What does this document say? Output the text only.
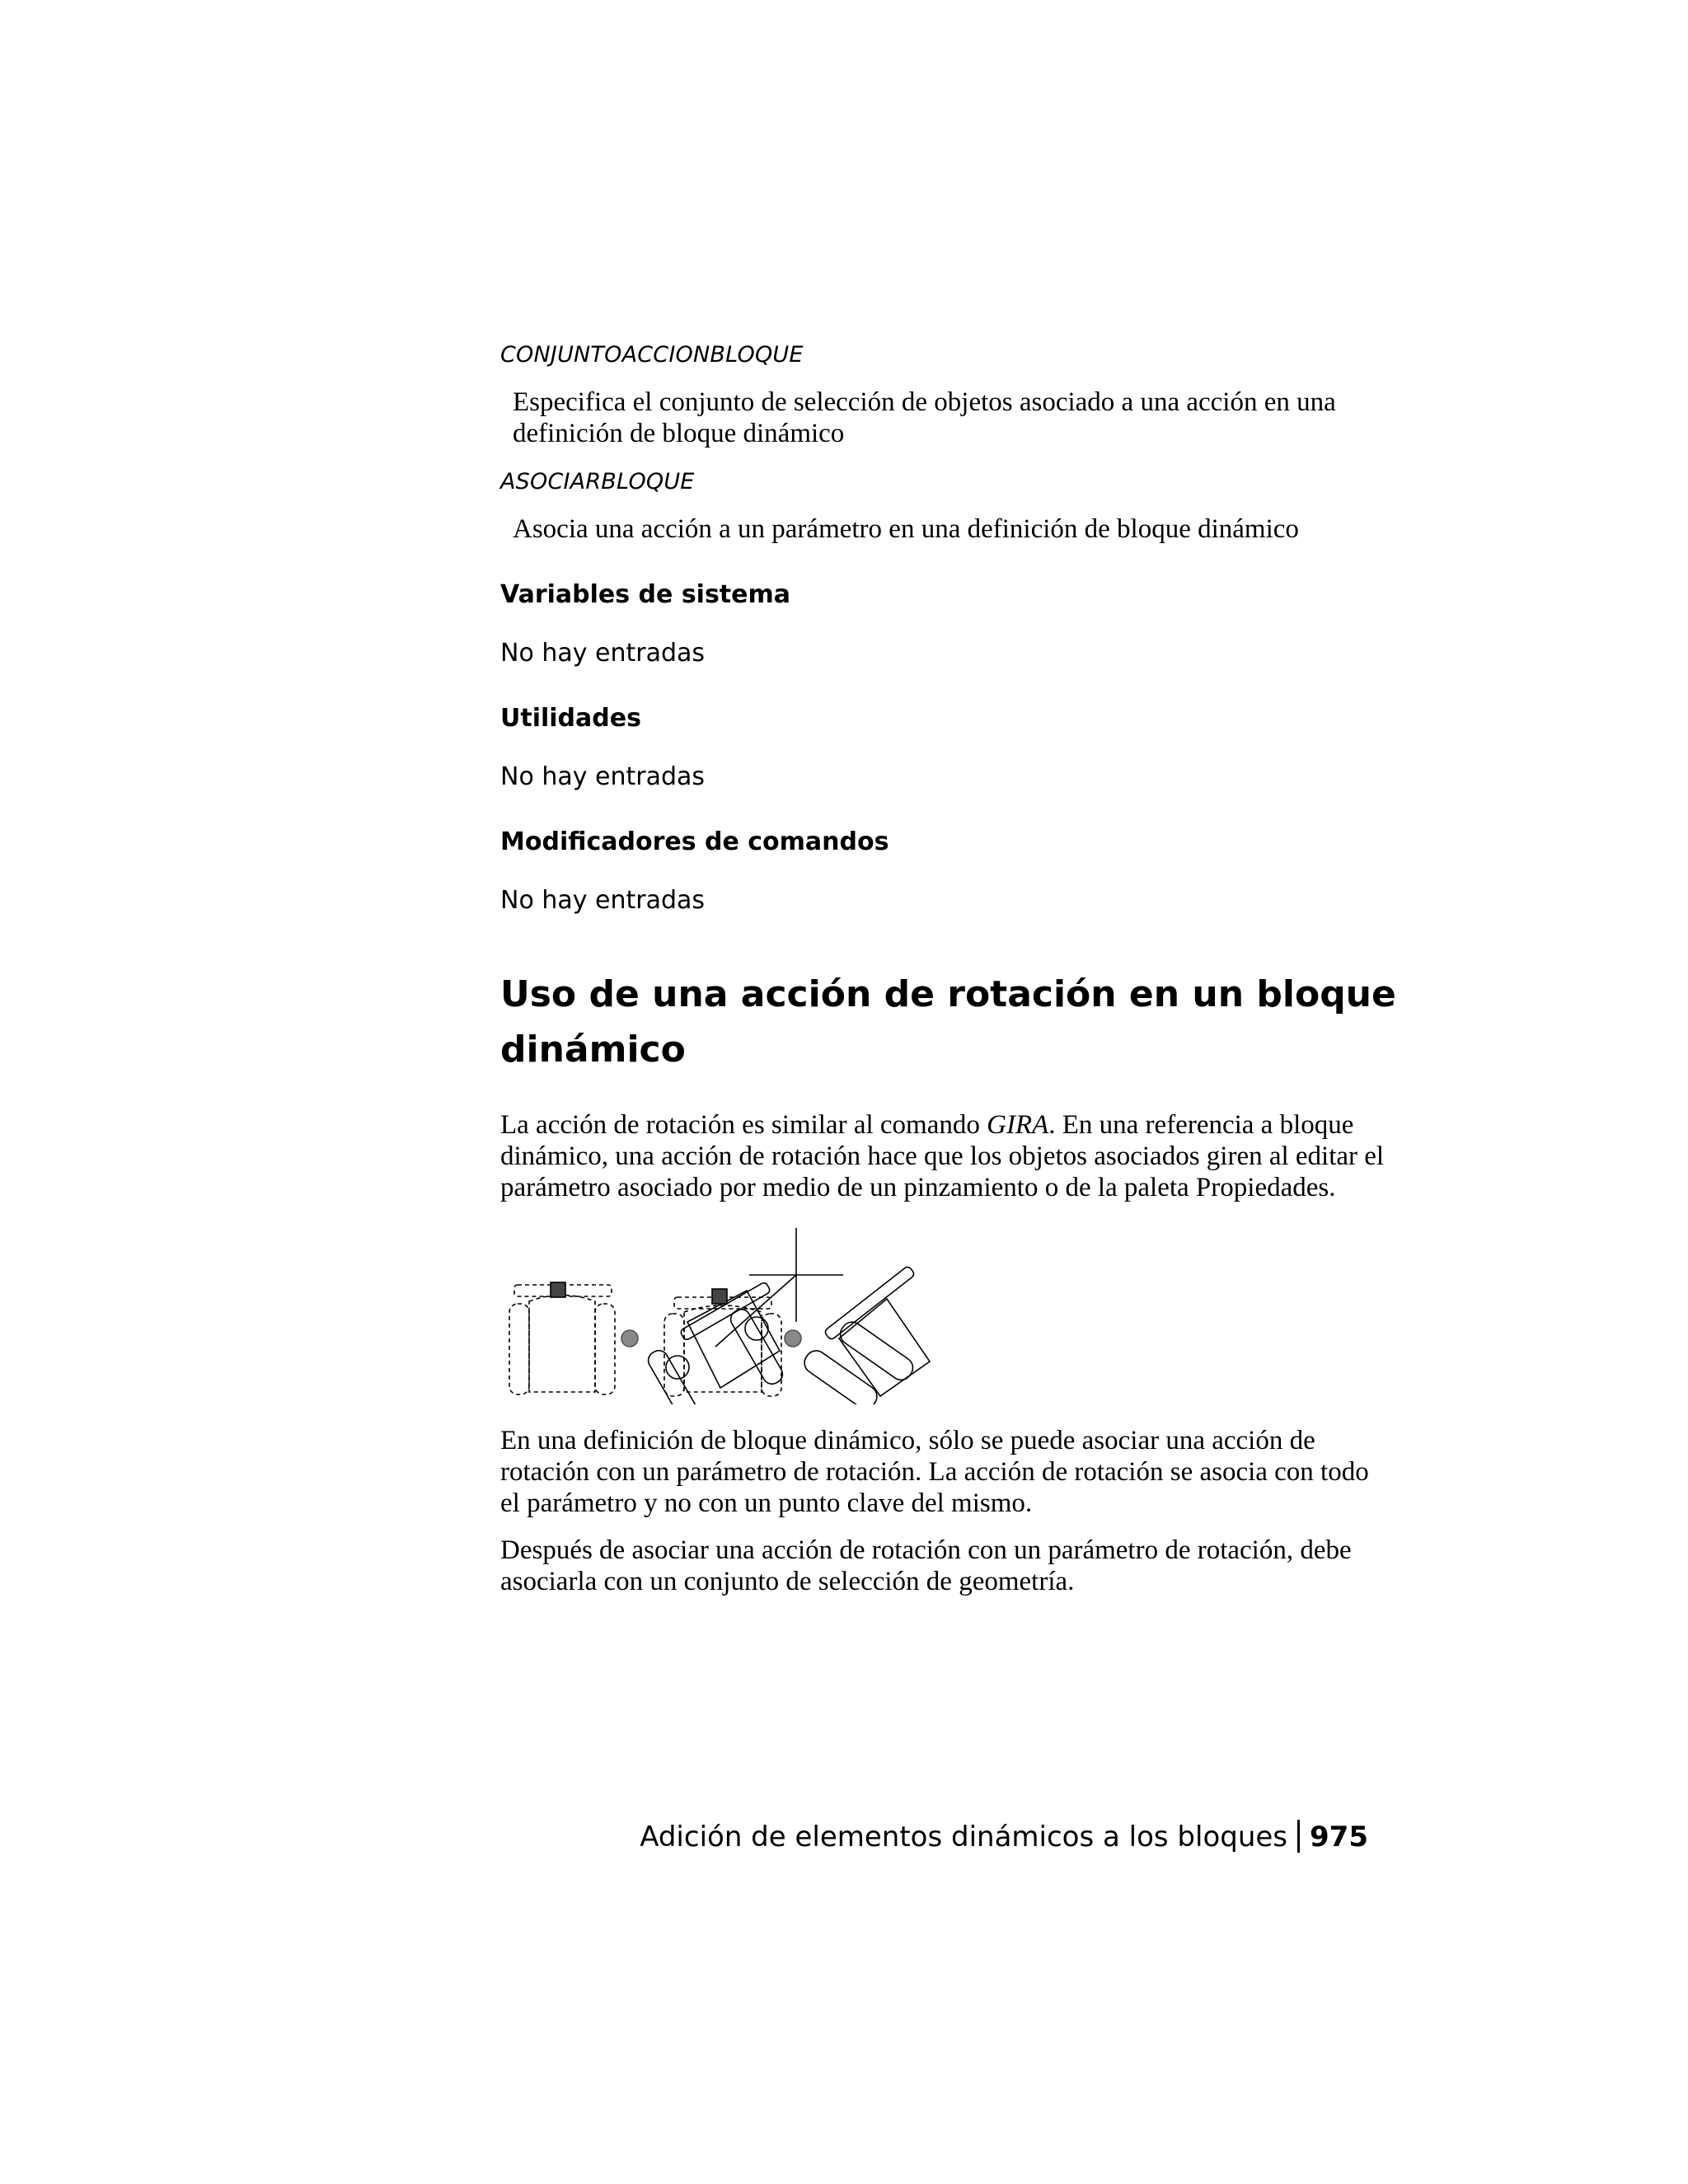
CONJUNTOACCIONBLOQUE
Especifica el conjunto de selección de objetos asociado a una acción en una definición de bloque dinámico
ASOCIARBLOQUE
Asocia una acción a un parámetro en una definición de bloque dinámico
Variables de sistema
No hay entradas
Utilidades
No hay entradas
Modificadores de comandos
No hay entradas
Uso de una acción de rotación en un bloque dinámico
La acción de rotación es similar al comando GIRA. En una referencia a bloque dinámico, una acción de rotación hace que los objetos asociados giren al editar el parámetro asociado por medio de un pinzamiento o de la paleta Propiedades.
En una definición de bloque dinámico, sólo se puede asociar una acción de rotación con un parámetro de rotación. La acción de rotación se asocia con todo el parámetro y no con un punto clave del mismo.
Después de asociar una acción de rotación con un parámetro de rotación, debe asociarla con un conjunto de selección de geometría.
Adición de elementos dinámicos a los bloques 975
